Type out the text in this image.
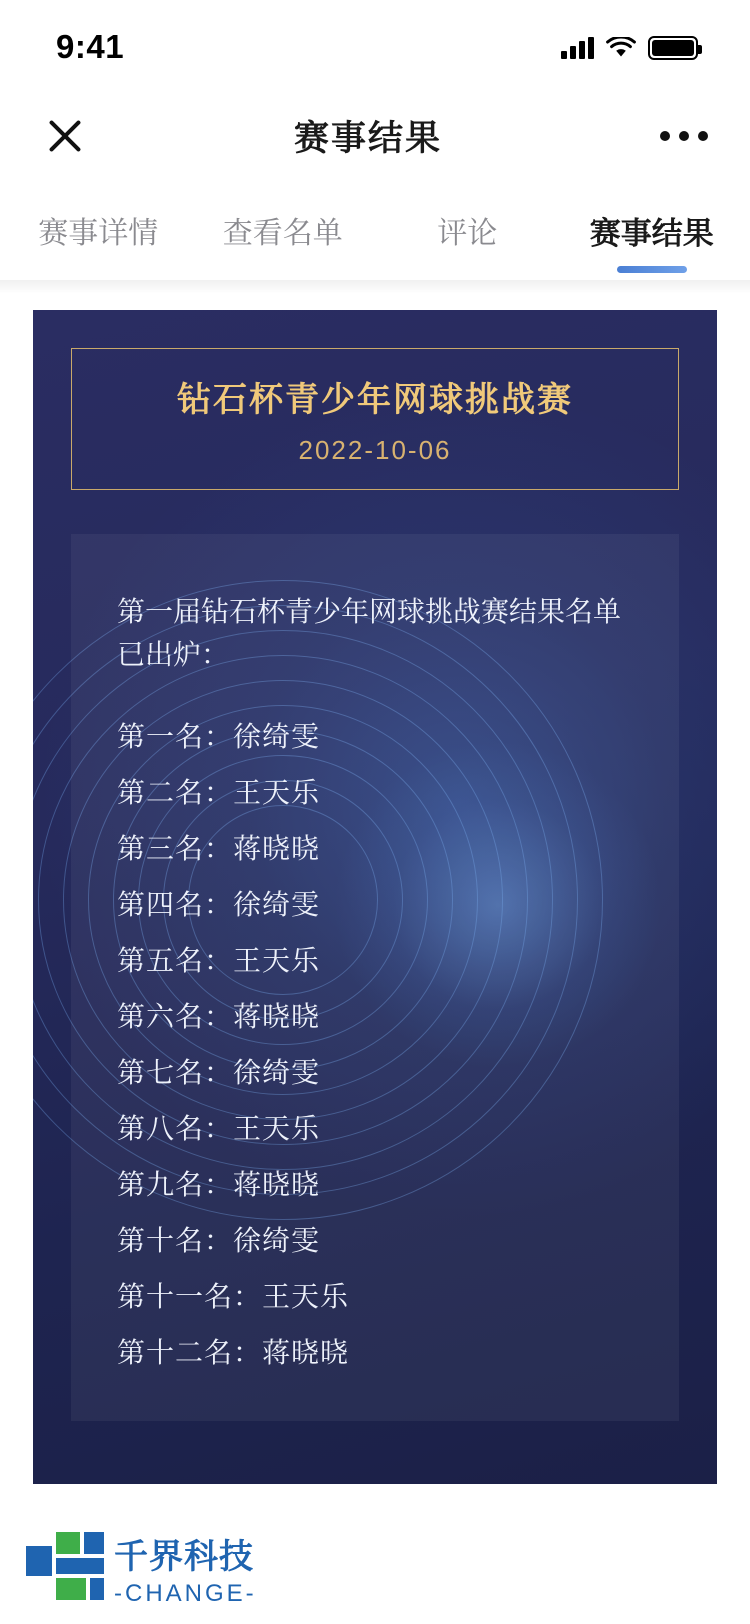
9:41
赛事结果
赛事详情	查看名单	评论	赛事结果
钻石杯青少年网球挑战赛
2022-10-06
第一届钻石杯青少年网球挑战赛结果名单已出炉：
第一名：徐绮雯
第二名：王天乐
第三名：蒋晓晓
第四名：徐绮雯
第五名：王天乐
第六名：蒋晓晓
第七名：徐绮雯
第八名：王天乐
第九名：蒋晓晓
第十名：徐绮雯
第十一名：王天乐
第十二名：蒋晓晓
千界科技
-CHANGE-
